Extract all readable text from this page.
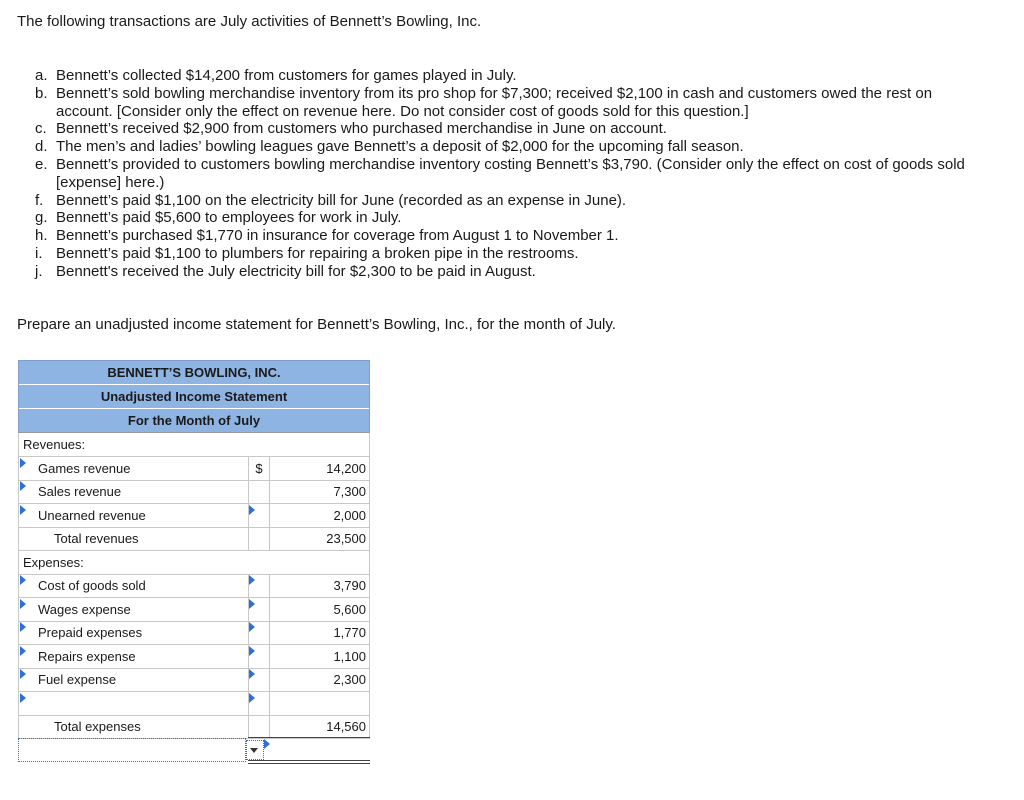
The following transactions are July activities of Bennett’s Bowling, Inc.
a. Bennett’s collected $14,200 from customers for games played in July.
b. Bennett’s sold bowling merchandise inventory from its pro shop for $7,300; received $2,100 in cash and customers owed the rest on account. [Consider only the effect on revenue here. Do not consider cost of goods sold for this question.]
c. Bennett’s received $2,900 from customers who purchased merchandise in June on account.
d. The men’s and ladies’ bowling leagues gave Bennett’s a deposit of $2,000 for the upcoming fall season.
e. Bennett’s provided to customers bowling merchandise inventory costing Bennett’s $3,790. (Consider only the effect on cost of goods sold [expense] here.)
f. Bennett’s paid $1,100 on the electricity bill for June (recorded as an expense in June).
g. Bennett’s paid $5,600 to employees for work in July.
h. Bennett’s purchased $1,770 in insurance for coverage from August 1 to November 1.
i. Bennett’s paid $1,100 to plumbers for repairing a broken pipe in the restrooms.
j. Bennett's received the July electricity bill for $2,300 to be paid in August.
Prepare an unadjusted income statement for Bennett’s Bowling, Inc., for the month of July.
BENNETT’S BOWLING, INC.
Unadjusted Income Statement
For the Month of July
Revenues:
Games revenue	$	14,200
Sales revenue	7,300
Unearned revenue	2,000
Total revenues	23,500
Expenses:
Cost of goods sold	3,790
Wages expense	5,600
Prepaid expenses	1,770
Repairs expense	1,100
Fuel expense	2,300
Total expenses	14,560
